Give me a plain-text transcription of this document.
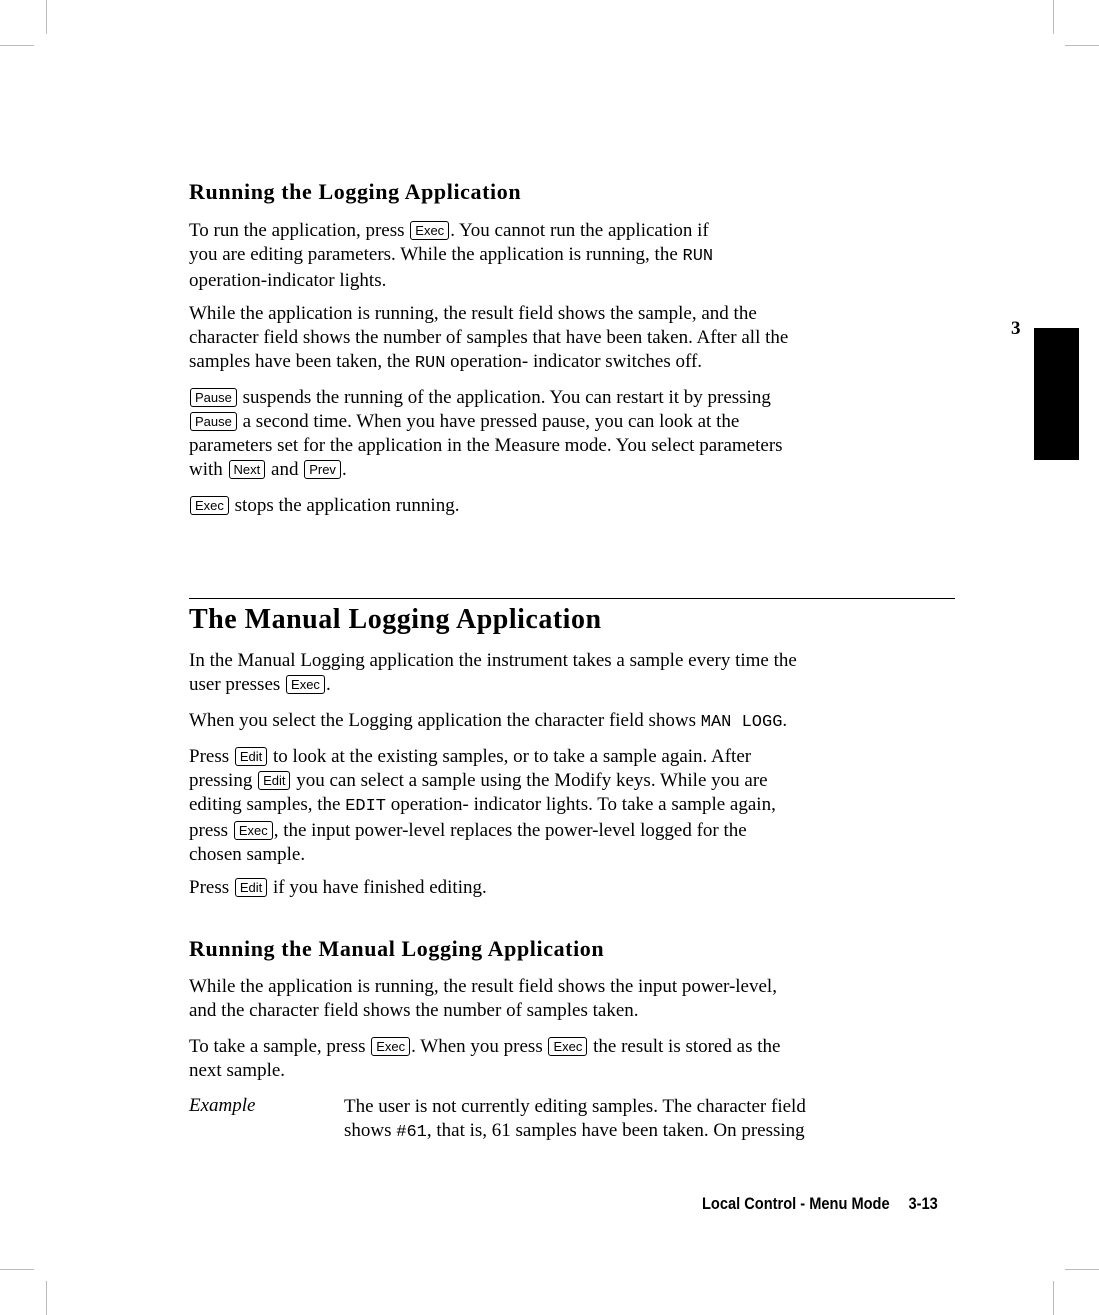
3
Running the Logging Application
To run the application, press Exec . You cannot run the application if
you are editing parameters. While the application is running, the RUN
operation-indicator lights.
While the application is running, the result field shows the sample, and the
character field shows the number of samples that have been taken. After all the
samples have been taken, the RUN operation- indicator switches off.
Pause suspends the running of the application. You can restart it by pressing
Pause a second time. When you have pressed pause, you can look at the
parameters set for the application in the Measure mode. You select parameters
with Next and Prev .
Exec stops the application running.
The Manual Logging Application
In the Manual Logging application the instrument takes a sample every time the
user presses Exec .
When you select the Logging application the character field shows MAN LOGG.
Press Edit to look at the existing samples, or to take a sample again. After
pressing Edit you can select a sample using the Modify keys. While you are
editing samples, the EDIT operation- indicator lights. To take a sample again,
press Exec , the input power-level replaces the power-level logged for the
chosen sample.
Press Edit if you have finished editing.
Running the Manual Logging Application
While the application is running, the result field shows the input power-level,
and the character field shows the number of samples taken.
To take a sample, press Exec . When you press Exec the result is stored as the
next sample.
Example	The user is not currently editing samples. The character field
shows #61, that is, 61 samples have been taken. On pressing
Local Control - Menu Mode 3-13
